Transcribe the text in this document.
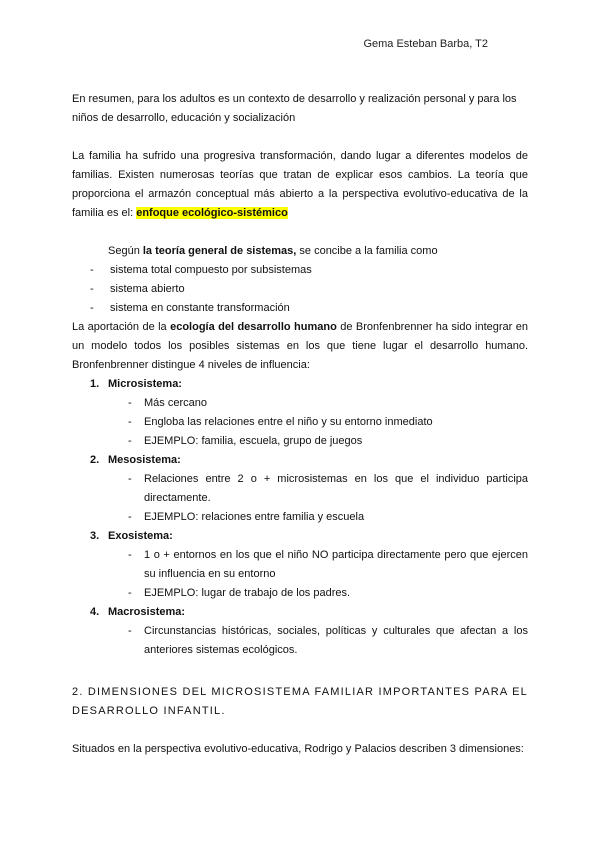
Gema Esteban Barba, T2
En resumen, para los adultos es un contexto de desarrollo y realización personal y para los niños de desarrollo, educación y socialización
La familia ha sufrido una progresiva transformación, dando lugar a diferentes modelos de familias. Existen numerosas teorías que tratan de explicar esos cambios. La teoría que proporciona el armazón conceptual más abierto a la perspectiva evolutivo-educativa de la familia es el: enfoque ecológico-sistémico
Según la teoría general de sistemas, se concibe a la familia como
- sistema total compuesto por subsistemas
- sistema abierto
- sistema en constante transformación
La aportación de la ecología del desarrollo humano de Bronfenbrenner ha sido integrar en un modelo todos los posibles sistemas en los que tiene lugar el desarrollo humano. Bronfenbrenner distingue 4 niveles de influencia:
1. Microsistema:
- Más cercano
- Engloba las relaciones entre el niño y su entorno inmediato
- EJEMPLO: familia, escuela, grupo de juegos
2. Mesosistema:
- Relaciones entre 2 o + microsistemas en los que el individuo participa directamente.
- EJEMPLO: relaciones entre familia y escuela
3. Exosistema:
- 1 o + entornos en los que el niño NO participa directamente pero que ejercen su influencia en su entorno
- EJEMPLO: lugar de trabajo de los padres.
4. Macrosistema:
- Circunstancias históricas, sociales, políticas y culturales que afectan a los anteriores sistemas ecológicos.
2. DIMENSIONES DEL MICROSISTEMA FAMILIAR IMPORTANTES PARA EL DESARROLLO INFANTIL.
Situados en la perspectiva evolutivo-educativa, Rodrigo y Palacios describen 3 dimensiones:
